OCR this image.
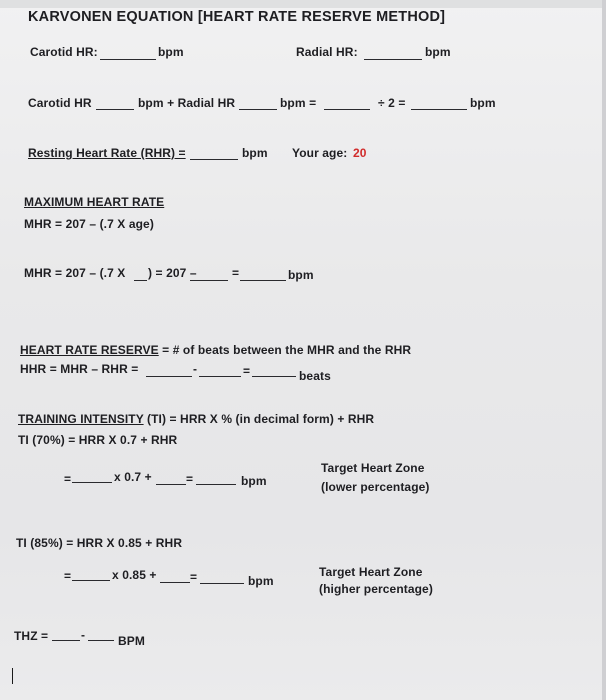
KARVONEN EQUATION [HEART RATE RESERVE METHOD]
Carotid HR:	bpm	Radial HR:	bpm
Carotid HR	bpm + Radial HR	bpm =	÷ 2 =	bpm
Resting Heart Rate (RHR) =	bpm Your age: 20
MAXIMUM HEART RATE
MHR = 207 – (.7 X age)
MHR = 207 – (.7 X ) = 207 –	=	bpm
HEART RATE RESERVE = # of beats between the MHR and the RHR
HHR = MHR – RHR =	-	=	beats
TRAINING INTENSITY (TI) = HRR X % (in decimal form) + RHR
TI (70%) = HRR X 0.7 + RHR
=	x 0.7 +	=	bpm
Target Heart Zone
(lower percentage)
TI (85%) = HRR X 0.85 + RHR
=	x 0.85 +	=	bpm
Target Heart Zone
(higher percentage)
THZ =	-	BPM
